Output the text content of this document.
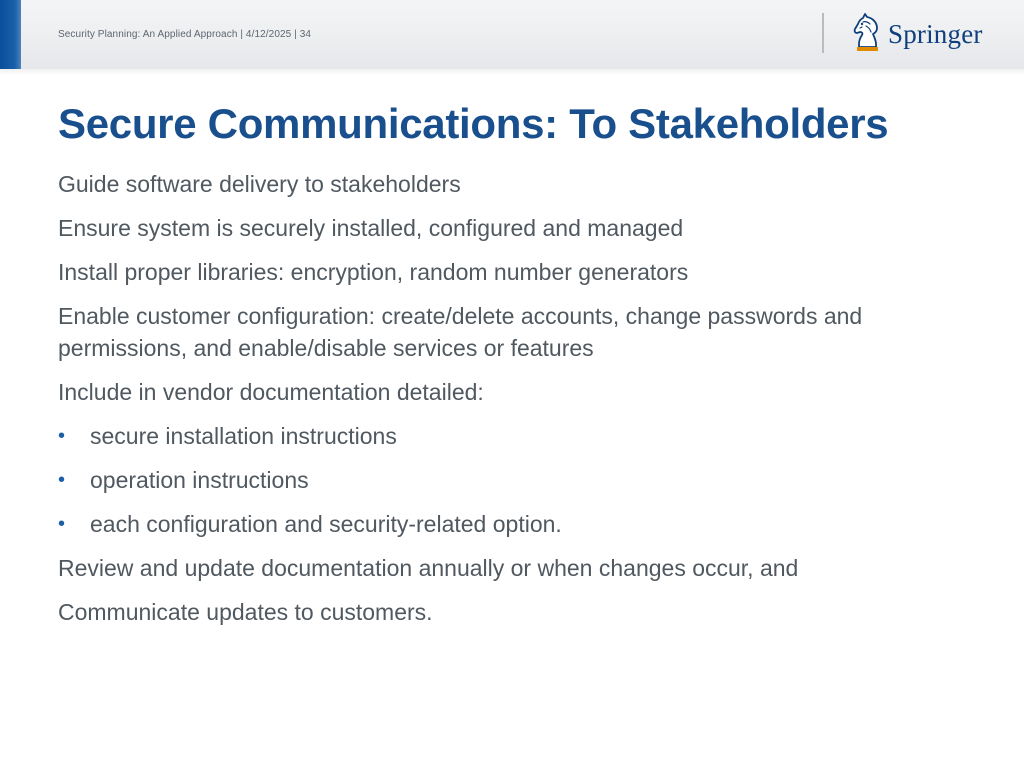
Security Planning: An Applied Approach | 4/12/2025 | 34	Springer
Secure Communications: To Stakeholders

Guide software delivery to stakeholders

Ensure system is securely installed, configured and managed

Install proper libraries: encryption, random number generators

Enable customer configuration: create/delete accounts, change passwords and permissions, and enable/disable services or features

Include in vendor documentation detailed:

• secure installation instructions

• operation instructions

• each configuration and security-related option.

Review and update documentation annually or when changes occur, and

Communicate updates to customers.
